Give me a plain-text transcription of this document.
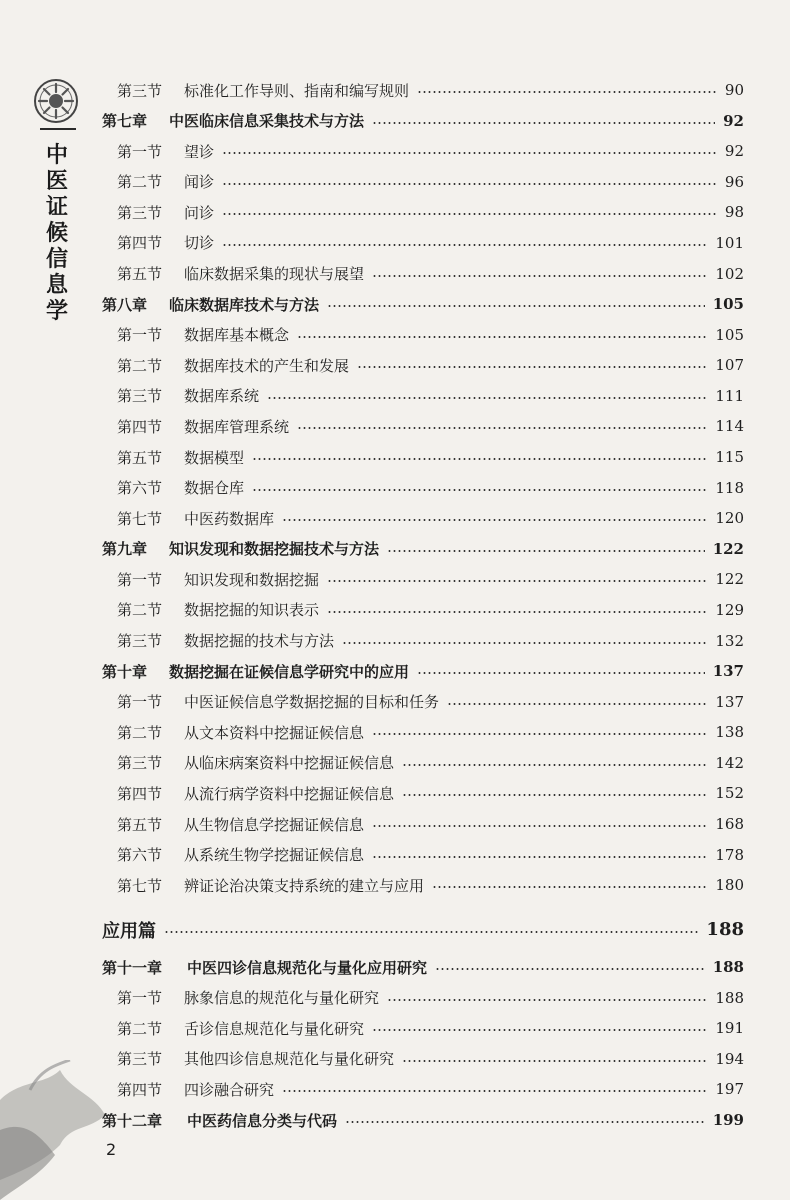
中
医
证
候
信
息
学
第三节	标准化工作导则、指南和编写规则	90
第七章	中医临床信息采集技术与方法	92
第一节	望诊	92
第二节	闻诊	96
第三节	问诊	98
第四节	切诊	101
第五节	临床数据采集的现状与展望	102
第八章	临床数据库技术与方法	105
第一节	数据库基本概念	105
第二节	数据库技术的产生和发展	107
第三节	数据库系统	111
第四节	数据库管理系统	114
第五节	数据模型	115
第六节	数据仓库	118
第七节	中医药数据库	120
第九章	知识发现和数据挖掘技术与方法	122
第一节	知识发现和数据挖掘	122
第二节	数据挖掘的知识表示	129
第三节	数据挖掘的技术与方法	132
第十章	数据挖掘在证候信息学研究中的应用	137
第一节	中医证候信息学数据挖掘的目标和任务	137
第二节	从文本资料中挖掘证候信息	138
第三节	从临床病案资料中挖掘证候信息	142
第四节	从流行病学资料中挖掘证候信息	152
第五节	从生物信息学挖掘证候信息	168
第六节	从系统生物学挖掘证候信息	178
第七节	辨证论治决策支持系统的建立与应用	180
应用篇	188
第十一章	中医四诊信息规范化与量化应用研究	188
第一节	脉象信息的规范化与量化研究	188
第二节	舌诊信息规范化与量化研究	191
第三节	其他四诊信息规范化与量化研究	194
第四节	四诊融合研究	197
第十二章	中医药信息分类与代码	199
2
